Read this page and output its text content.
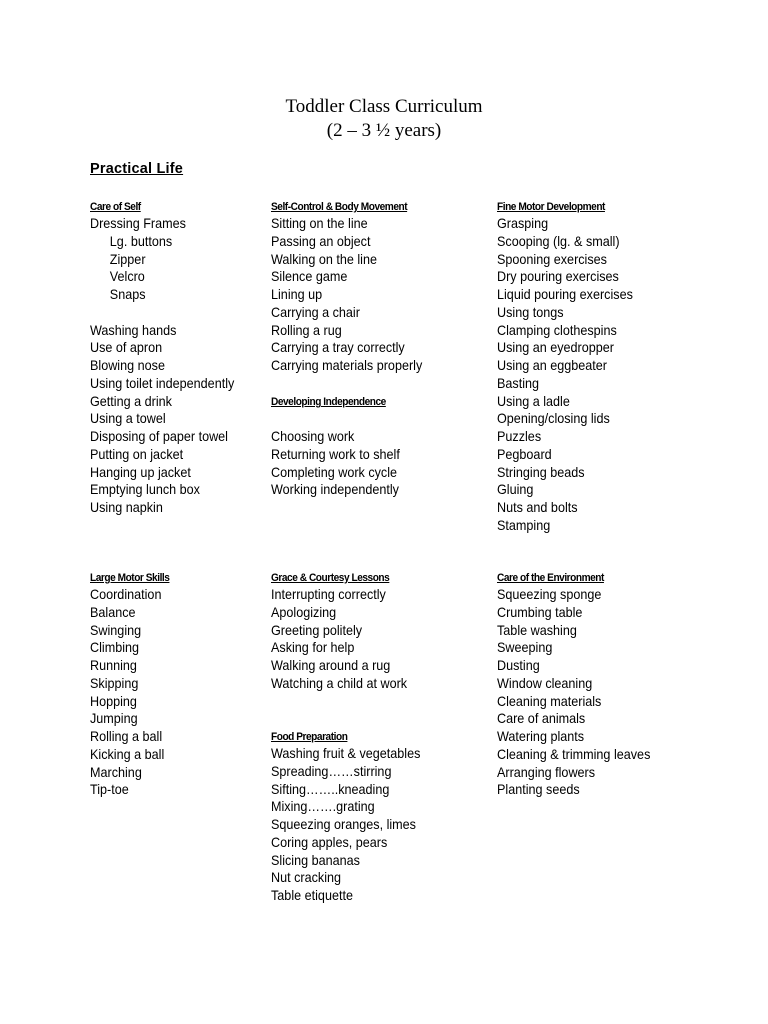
Toddler Class Curriculum
(2 – 3 ½ years)
Practical Life
Care of Self
Dressing Frames
Lg. buttons
Zipper
Velcro
Snaps
Washing hands
Use of apron
Blowing nose
Using toilet independently
Getting a drink
Using a towel
Disposing of paper towel
Putting on jacket
Hanging up jacket
Emptying lunch box
Using napkin
Self-Control & Body Movement
Sitting on the line
Passing an object
Walking on the line
Silence game
Lining up
Carrying a chair
Rolling a rug
Carrying a tray correctly
Carrying materials properly
Developing Independence
Choosing work
Returning work to shelf
Completing work cycle
Working independently
Fine Motor Development
Grasping
Scooping (lg. & small)
Spooning exercises
Dry pouring exercises
Liquid pouring exercises
Using tongs
Clamping clothespins
Using an eyedropper
Using an eggbeater
Basting
Using a ladle
Opening/closing lids
Puzzles
Pegboard
Stringing beads
Gluing
Nuts and bolts
Stamping
Large Motor Skills
Coordination
Balance
Swinging
Climbing
Running
Skipping
Hopping
Jumping
Rolling a ball
Kicking a ball
Marching
Tip-toe
Grace & Courtesy Lessons
Interrupting correctly
Apologizing
Greeting politely
Asking for help
Walking around a rug
Watching a child at work
Food Preparation
Washing fruit & vegetables
Spreading……stirring
Sifting……..kneading
Mixing…….grating
Squeezing oranges, limes
Coring apples, pears
Slicing bananas
Nut cracking
Table etiquette
Care of the Environment
Squeezing sponge
Crumbing table
Table washing
Sweeping
Dusting
Window cleaning
Cleaning materials
Care of animals
Watering plants
Cleaning & trimming leaves
Arranging flowers
Planting seeds
